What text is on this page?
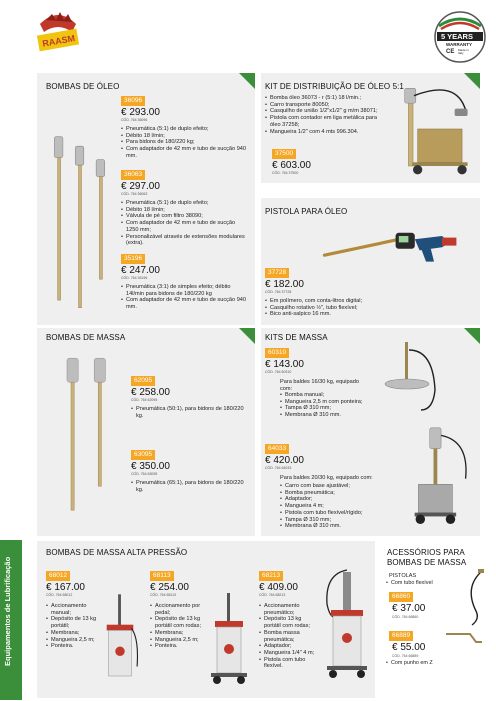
RAASM	5 YEARS
WARRANTY
CE Made in Italy
Equipamentos de Lubrificação
BOMBAS DE ÓLEO
36096
€ 293.00
CÓD. 764 36096
• Pneumática (5:1) de duplo efeito;
• Débito 18 l/min;
• Para bidons de 180/220 kg;
• Com adaptador de 42 mm e tubo de sucção 940 mm.
36063
€ 297.00
CÓD. 764 36063
• Pneumática (5:1) de duplo efeito;
• Débito 18 l/min;
• Válvula de pé com filtro 38090;
• Com adaptador de 42 mm e tubo de sucção 1250 mm;
• Personalizável através de extensões modulares (extra).
35196
€ 247.00
CÓD. 764 35196
• Pneumática (3:1) de simples efeito; débito 14l/min para bidons de 180/220 kg
• Com adaptador de 42 mm e tubo de sucção 940 mm.
KIT DE DISTRIBUIÇÃO DE ÓLEO 5:1
• Bomba óleo 36073 - r (5:1) 18 l/min.;
• Carro transporte 80050;
• Casquilho de união 1/2"x1/2" g m/m 38071;
• Pistola com contador em liga metálica para óleo 37258;
• Mangueira 1/2" com 4 mts 996.304.
37500
€ 603.00
CÓD. 764 37500
PISTOLA PARA ÓLEO
37728
€ 182.00
CÓD. 764 37728
• Em polímero, com conta-litros digital;
• Casquilho rotativo ½", tubo flexível;
• Bico anti-salpico 16 mm.
BOMBAS DE MASSA
62095
€ 258.00
CÓD. 764 62095
• Pneumática (50:1), para bidons de 180/220 kg.
63095
€ 350.00
CÓD. 764 63095
• Pneumática (65:1), para bidons de 180/220 kg.
KITS DE MASSA
60310
€ 143.00
CÓD. 764 60310
Para baldes 16/30 kg, equipado com:
• Bomba manual;
• Mangueira 2,5 m com ponteira;
• Tampa Ø 310 mm;
• Membrana Ø 310 mm.
64033
€ 420.00
CÓD. 764 64033
Para baldes 20/30 kg, equipado com:
• Carro com base ajustável;
• Bomba pneumática;
• Adaptador;
• Mangueira 4 m;
• Pistola com tubo flexível/rígido;
• Tampa Ø 310 mm;
• Membrana Ø 310 mm.
BOMBAS DE MASSA ALTA PRESSÃO
68012
€ 167.00
CÓD. 764 68012
• Accionamento manual;
• Depósito de 13 kg portátil;
• Membrana;
• Mangueira 2,5 m;
• Ponteira.
68113
€ 254.00
CÓD. 764 68113
• Accionamento por pedal;
• Depósito de 13 kg portátil com rodas;
• Membrana;
• Mangueira 2,5 m;
• Ponteira.
68213
€ 409.00
CÓD. 764 68213
• Accionamento pneumático;
• Depósito 13 kg portátil com rodas;
• Bomba massa pneumática;
• Adaptador;
• Mangueira 1/4" 4 m;
• Pistola com tubo flexível.
ACESSÓRIOS PARA BOMBAS DE MASSA
PISTOLAS
Com tubo flexível
66860
€ 37.00
CÓD. 764 66860
66889
€ 55.00
CÓD. 764 66889
Com punho em Z
•
•
